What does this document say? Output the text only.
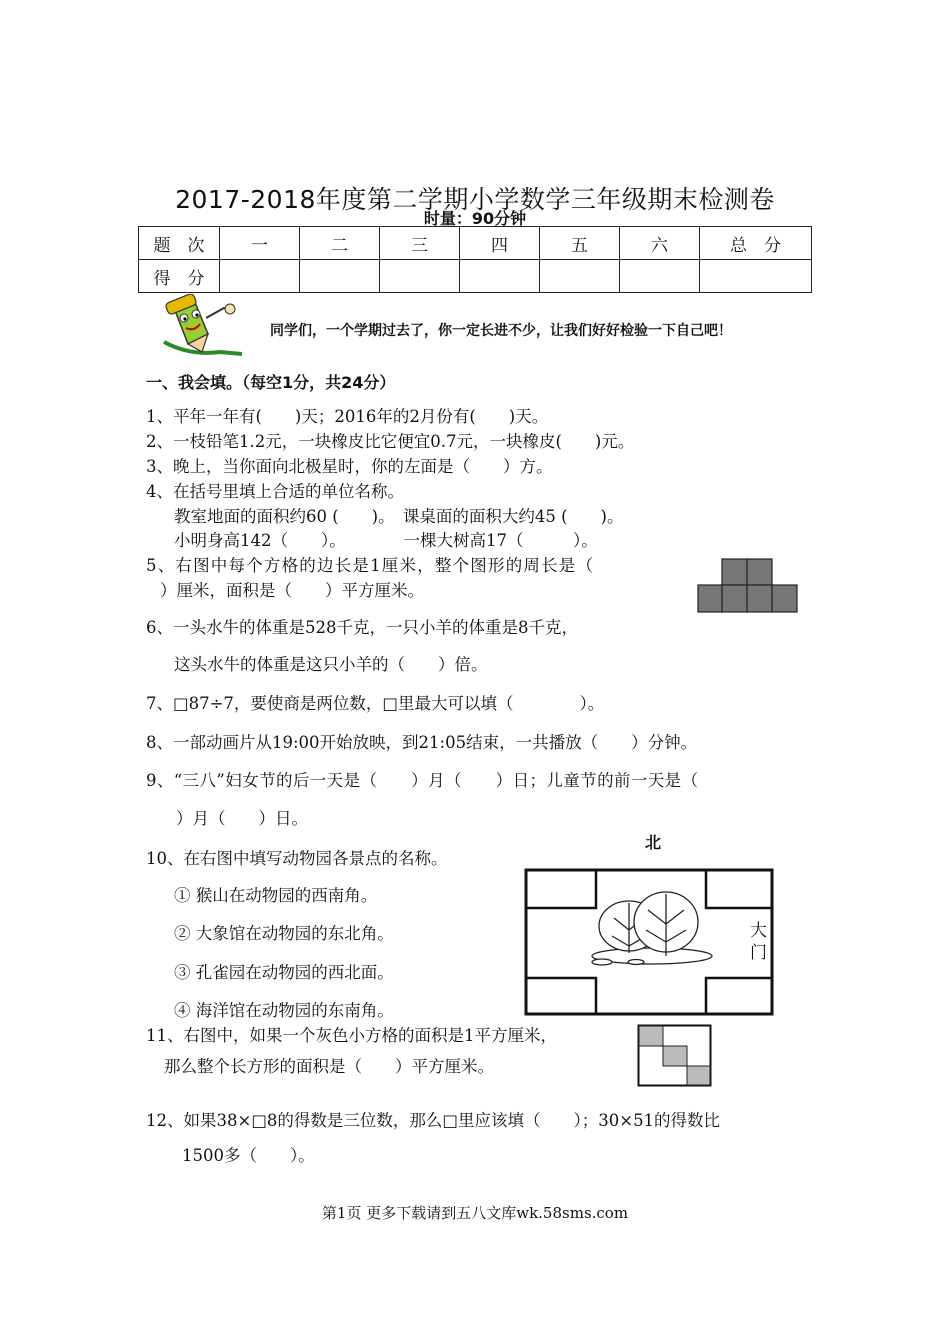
2017-2018年度第二学期小学数学三年级期末检测卷
时量：90分钟
题　次	一	二	三	四	五	六	总　分
得　分							
同学们，一个学期过去了，你一定长进不少，让我们好好检验一下自己吧！
一、我会填。（每空1分，共24分）
1、平年一年有(　　)天；2016年的2月份有(　　)天。
2、一枝铅笔1.2元，一块橡皮比它便宜0.7元，一块橡皮(　　)元。
3、晚上，当你面向北极星时，你的左面是（　　）方。
4、在括号里填上合适的单位名称。
教室地面的面积约60 (　　)。　课桌面的面积大约45 (　　)。
小明身高142（　　）。　　　　一棵大树高17（　　　）。
5、右图中每个方格的边长是1厘米，整个图形的周长是（
）厘米，面积是（　　）平方厘米。
6、一头水牛的体重是528千克，一只小羊的体重是8千克，
这头水牛的体重是这只小羊的（　　）倍。
7、□87÷7，要使商是两位数，□里最大可以填（　　　　）。
8、一部动画片从19:00开始放映，到21:05结束，一共播放（　　）分钟。
9、“三八”妇女节的后一天是（　　）月（　　）日；儿童节的前一天是（
）月（　　）日。
10、在右图中填写动物园各景点的名称。
① 猴山在动物园的西南角。
② 大象馆在动物园的东北角。
③ 孔雀园在动物园的西北面。
④ 海洋馆在动物园的东南角。
11、右图中，如果一个灰色小方格的面积是1平方厘米，
那么整个长方形的面积是（　　）平方厘米。
12、如果38×□8的得数是三位数，那么□里应该填（　　）；30×51的得数比
1500多（　　）。
北
大
门
第1页 更多下载请到五八文库wk.58sms.com
